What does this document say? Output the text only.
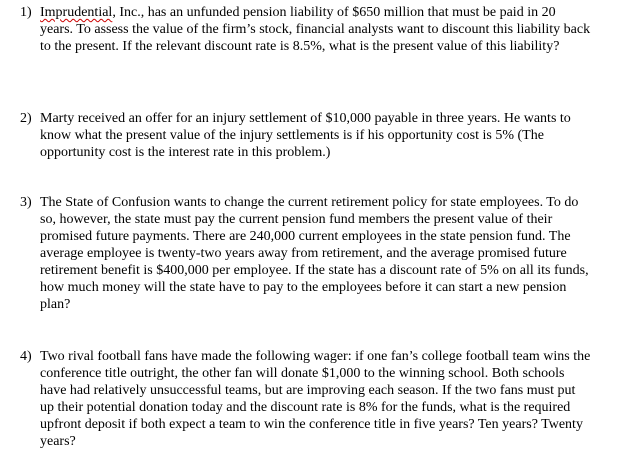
1) Imprudential, Inc., has an unfunded pension liability of $650 million that must be paid in 20 years. To assess the value of the firm’s stock, financial analysts want to discount this liability back to the present. If the relevant discount rate is 8.5%, what is the present value of this liability?
2) Marty received an offer for an injury settlement of $10,000 payable in three years. He wants to know what the present value of the injury settlements is if his opportunity cost is 5% (The opportunity cost is the interest rate in this problem.)
3) The State of Confusion wants to change the current retirement policy for state employees. To do so, however, the state must pay the current pension fund members the present value of their promised future payments. There are 240,000 current employees in the state pension fund. The average employee is twenty-two years away from retirement, and the average promised future retirement benefit is $400,000 per employee. If the state has a discount rate of 5% on all its funds, how much money will the state have to pay to the employees before it can start a new pension plan?
4) Two rival football fans have made the following wager: if one fan’s college football team wins the conference title outright, the other fan will donate $1,000 to the winning school. Both schools have had relatively unsuccessful teams, but are improving each season. If the two fans must put up their potential donation today and the discount rate is 8% for the funds, what is the required upfront deposit if both expect a team to win the conference title in five years? Ten years? Twenty years?
